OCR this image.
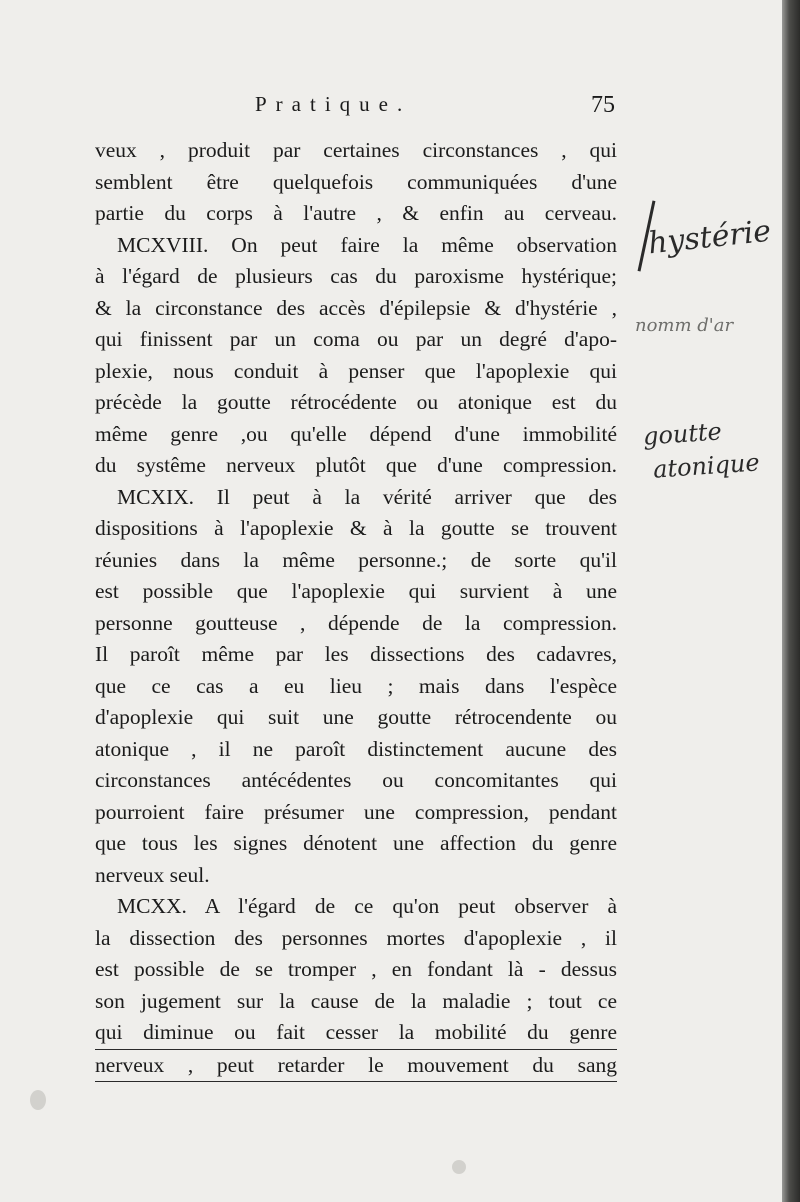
Pratique.	75
veux , produit par certaines circonstances , qui
semblent être quelquefois communiquées d'une
partie du corps à l'autre , & enfin au cerveau.
MCXVIII. On peut faire la même observation
à l'égard de plusieurs cas du paroxisme hystérique;
& la circonstance des accès d'épilepsie & d'hystérie ,
qui finissent par un coma ou par un degré d'apo-
plexie, nous conduit à penser que l'apoplexie qui
précède la goutte rétrocédente ou atonique est du
même genre ,ou qu'elle dépend d'une immobilité
du systême nerveux plutôt que d'une compression.
MCXIX. Il peut à la vérité arriver que des
dispositions à l'apoplexie & à la goutte se trouvent
réunies dans la même personne.; de sorte qu'il
est possible que l'apoplexie qui survient à une
personne goutteuse , dépende de la compression.
Il paroît même par les dissections des cadavres,
que ce cas a eu lieu ; mais dans l'espèce
d'apoplexie qui suit une goutte rétrocendente ou
atonique , il ne paroît distinctement aucune des
circonstances antécédentes ou concomitantes qui
pourroient faire présumer une compression, pendant
que tous les signes dénotent une affection du genre
nerveux seul.
MCXX. A l'égard de ce qu'on peut observer à
la dissection des personnes mortes d'apoplexie , il
est possible de se tromper , en fondant là - dessus
son jugement sur la cause de la maladie ; tout ce
qui diminue ou fait cesser la mobilité du genre
nerveux , peut retarder le mouvement du sang
hystérie
nomm d'ar
goutte
atonique
